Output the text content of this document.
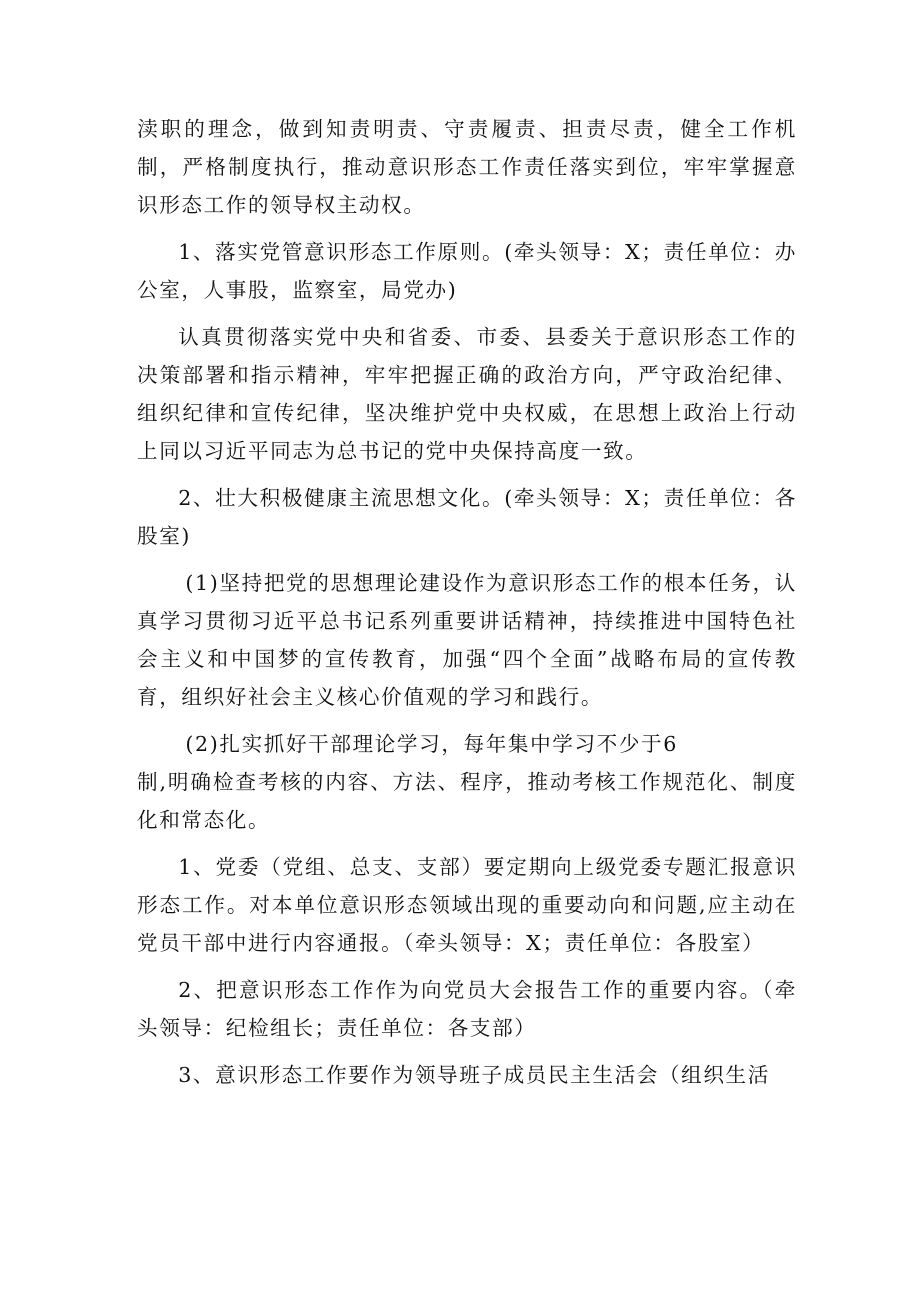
渎职的理念，做到知责明责、守责履责、担责尽责，健全工作机制，严格制度执行，推动意识形态工作责任落实到位，牢牢掌握意识形态工作的领导权主动权。

1、落实党管意识形态工作原则。(牵头领导：X；责任单位：办公室，人事股，监察室，局党办)

认真贯彻落实党中央和省委、市委、县委关于意识形态工作的决策部署和指示精神，牢牢把握正确的政治方向，严守政治纪律、组织纪律和宣传纪律，坚决维护党中央权威，在思想上政治上行动上同以习近平同志为总书记的党中央保持高度一致。

2、壮大积极健康主流思想文化。(牵头领导：X；责任单位：各股室)

(1)坚持把党的思想理论建设作为意识形态工作的根本任务，认真学习贯彻习近平总书记系列重要讲话精神，持续推进中国特色社会主义和中国梦的宣传教育，加强“四个全面”战略布局的宣传教育，组织好社会主义核心价值观的学习和践行。

(2)扎实抓好干部理论学习，每年集中学习不少于6

制,明确检查考核的内容、方法、程序，推动考核工作规范化、制度化和常态化。

1、党委（党组、总支、支部）要定期向上级党委专题汇报意识形态工作。对本单位意识形态领域出现的重要动向和问题,应主动在党员干部中进行内容通报。（牵头领导：X；责任单位：各股室）

2、把意识形态工作作为向党员大会报告工作的重要内容。（牵头领导：纪检组长；责任单位：各支部）

3、意识形态工作要作为领导班子成员民主生活会（组织生活
